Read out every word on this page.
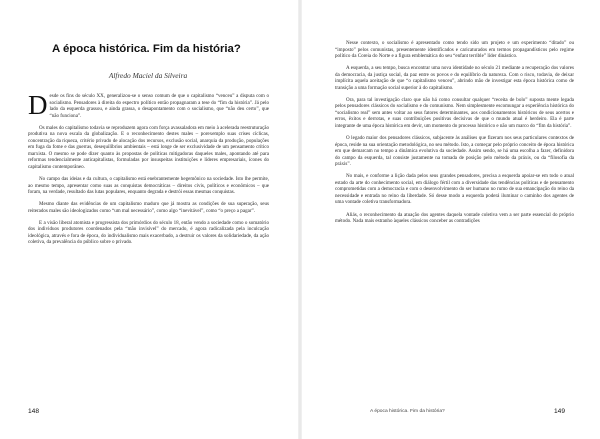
A época histórica. Fim da história?
Alfredo Maciel da Silveira

Desde os fins do século XX, generalizou-se o senso comum de que o capitalismo “venceu” a disputa com o socialismo. Pensadores à direita do espectro político então propagnaram a tese do “fim da história”. Já pelo lado da esquerda grassou, e ainda grassa, o desapontamento com o socialismo, que “não deu certo”, que “não funciona”.

Os males do capitalismo todavia se reproduzem agora com força avassaladora em meio à acelerada reestruturação produtiva na nova escala da globalização. E o reconhecimento destes males – porexemplo suas crises cíclicas, concentração da riqueza, critério privado de alocação dos recursos, exclusão social, anarquia da produção, populações em fuga da fome e das guerras, desequilíbrios ambientais – está longe de ser exclusividade de um pensamento crítico marxista. O mesmo se pode dizer quanto às propostas de políticas mitigadoras daqueles males, apontando até para reformas tendencialmente anticapitalistas, formuladas por insuspeitas instituições e líderes empresariais, ícones do capitalismo contemporâneo.

No campo das ideias e da cultura, o capitalismo está enebrantemente hegemônico na sociedade. Isto lhe permite, ao mesmo tempo, apresentar como suas as conquistas democráticas – direitos civis, políticos e econômicos – que foram, na verdade, resultado das lutas populares, enquanto degrada e destrói essas mesmas conquistas.

Mesmo diante das evidências de um capitalismo maduro que já mostra as condições de sua superação, seus reiterados males são ideologizados como “um mal necessário”, como algo “inevitável”, como “o preço a pagar”.

E a visão liberal atomista e progressista dos primórdios do século 18, então vendo a sociedade como o somatório dos individuos produtores coordenados pela “mão invisível” do mercado, é agora radicalizada pela inculcação ideológica, através e fora de época, do individualismo mais exacerbado, a destruir os valores da solidariedade, da ação coletiva, da prevalência do público sobre o privado.

148

Nesse contexto, o socialismo é apresentado como tendo sido um projeto e um experimento “ditado” ou “imposto” pelos comunistas, presentemente identificados e caricaturados em termos propagandísticos pelo regime político da Coreia do Norte e a figura emblemática do seu “enfant terrible” líder dinástico.

A esquerda, a seu tempo, busca encontrar uma nova identidade no século 21 mediante a recuperação dos valores da democracia, da justiça social, da paz entre os povos e do equilíbrio da natureza. Com o risco, todavia, de deixar implícita aquela aceitação de que “o capitalismo venceu”, abrindo mão de investigar esta época histórica como de transição a uma formação social superior à do capitalismo.

Ora, para tal investigação claro que não há como consultar qualquer “receita de bolo” suposta mente legada pelos pensadores clássicos do socialismo e do comunismo. Nem simplesmente escomungar a experiência histórica do “socialismo real” sem antes voltar ao seus fatores determinantes, aos condicionamentos históricos de seus acertos e erros, êxitos e derrotas, e suas contribuições positivas decisivas de que o mundo atual é herdeiro. Ela é parte integrante de uma época histórica em devir, um momento do processo histórico e não um marco do “fim da história”.

O legado maior dos pensadores clássicos, subjacente às análises que fizeram nos seus particulares contextos de época, reside na sua orientação metodológica, no seu método. Isto, a começar pelo próprio conceito de época histórica em que demarcam no tempo a dinâmica evolutiva da sociedade. Assim sendo, se há uma escolha a fazer, definidora do campo da esquerda, tal consiste justamente na tomada de posição pelo método da práxis, ou da “filosofia da práxis”.

No mais, e conforme a lição dada pelos seus grandes pensadores, precisa a esquerda apoiar-se em todo o atual estado da arte do conhecimento social, em diálogo fértil com a diversidade das tendências políticas e de pensamento comprometidas com a democracia e com o desenvolvimento do ser humano no rumo de sua emancipação do reino da necessidade e entrada no reino da liberdade. Só desse modo a esquerda poderá iluminar o caminho dos agentes de uma vontade coletiva transformadora.

Aliás, o reconhecimento da atuação dos agentes daquela vontade coletiva vem a ser parte essencial do próprio método. Nada mais estranho àqueles clássicos conceber as contradições

A época histórica. Fim da história?	149
